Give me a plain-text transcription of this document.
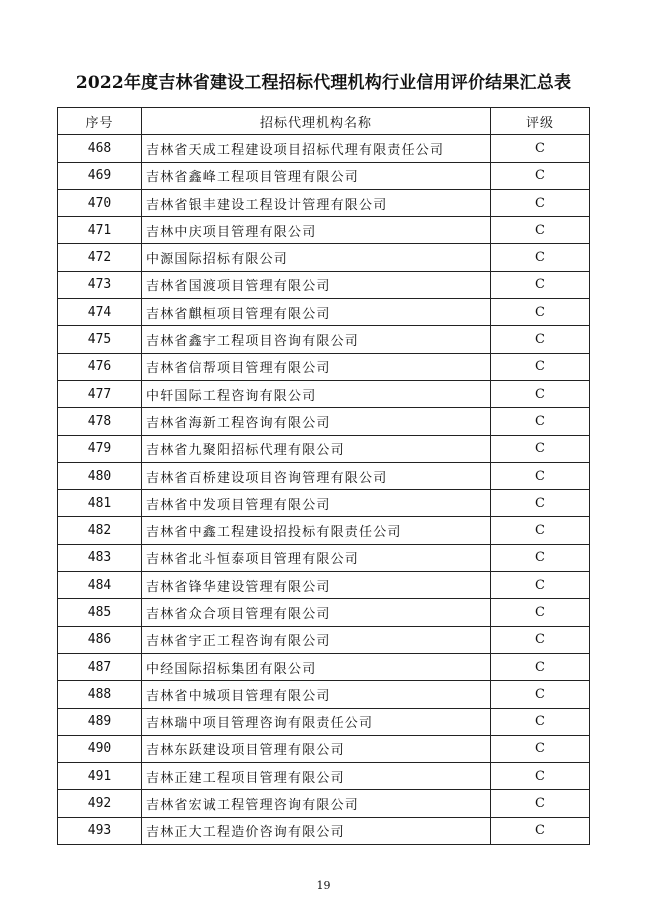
2022年度吉林省建设工程招标代理机构行业信用评价结果汇总表
序号	招标代理机构名称	评级
468	吉林省天成工程建设项目招标代理有限责任公司	C
469	吉林省鑫峰工程项目管理有限公司	C
470	吉林省银丰建设工程设计管理有限公司	C
471	吉林中庆项目管理有限公司	C
472	中源国际招标有限公司	C
473	吉林省国渡项目管理有限公司	C
474	吉林省麒桓项目管理有限公司	C
475	吉林省鑫宇工程项目咨询有限公司	C
476	吉林省信帮项目管理有限公司	C
477	中轩国际工程咨询有限公司	C
478	吉林省海新工程咨询有限公司	C
479	吉林省九聚阳招标代理有限公司	C
480	吉林省百桥建设项目咨询管理有限公司	C
481	吉林省中发项目管理有限公司	C
482	吉林省中鑫工程建设招投标有限责任公司	C
483	吉林省北斗恒泰项目管理有限公司	C
484	吉林省锋华建设管理有限公司	C
485	吉林省众合项目管理有限公司	C
486	吉林省宇正工程咨询有限公司	C
487	中经国际招标集团有限公司	C
488	吉林省中城项目管理有限公司	C
489	吉林瑞中项目管理咨询有限责任公司	C
490	吉林东跃建设项目管理有限公司	C
491	吉林正建工程项目管理有限公司	C
492	吉林省宏诚工程管理咨询有限公司	C
493	吉林正大工程造价咨询有限公司	C
19
